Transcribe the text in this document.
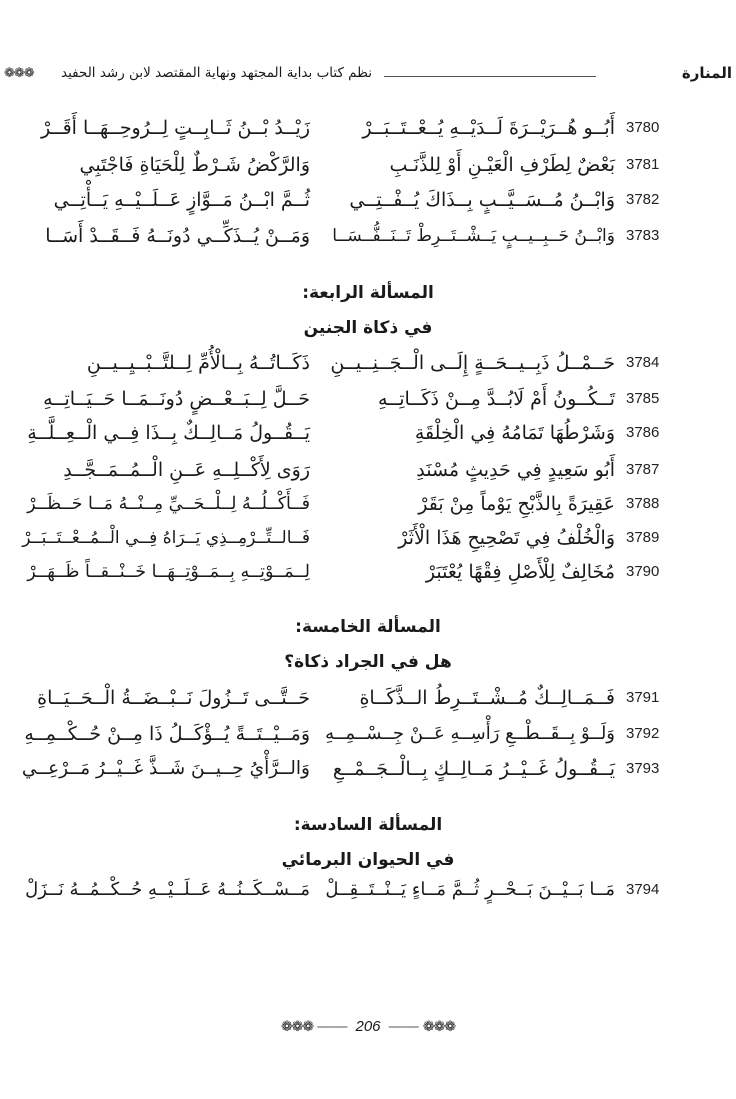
❁❁❁	نظم كتاب بداية المجتهد ونهاية المقتصد لابن رشد الحفيد	المنارة
3780
أَبُــو هُــرَيْــرَةَ لَــدَيْــهِ يُــعْــتَــبَــرْ
زَيْــدُ بْــنُ ثَــابِــتٍ لِــرُوحِــهَــا أَقَــرْ
3781
بَعْضٌ لِطَرْفِ الْعَيْـنِ أَوْ لِلذَّنَـبِ
وَالرَّكْضُ شَـرْطٌ لِلْحَيَاةِ فَاجْتَبِي
3782
وَابْــنُ مُــسَــيَّــبٍ بِــذَاكَ يُــفْــتِــي
ثُــمَّ ابْــنُ مَــوَّازٍ عَــلَــيْــهِ يَــأْتِــي
3783
وَابْــنُ حَــبِــيــبٍ يَــشْــتَــرِطْ تَــنَــفُّــسَــا
وَمَــنْ يُــذَكِّــي دُونَــهُ فَــقَــدْ أَسَــا
المسألة الرابعة:
في ذكاة الجنين
3784
حَــمْــلُ ذَبِــيــحَــةٍ إِلَــى الْــجَــنِــيــنِ
ذَكَــاتُــهُ بِــالْأُمِّ لِــلتَّــبْــيِــيــنِ
3785
تَــكُــونُ أَمْ لَابُــدَّ مِــنْ ذَكَــاتِــهِ
حَــلَّ لِــبَــعْــضٍ دُونَــمَــا حَــيَــاتِــهِ
3786
وَشَرْطُهَا تَمَامُهُ فِي الْخِلْقَةِ
يَــقُــولُ مَــالِــكٌ بِــذَا فِــي الْــعِــلَّــةِ
3787
أَبُو سَعِيدٍ فِي حَدِيثٍ مُسْنَدِ
رَوَى لِأَكْــلِــهِ عَــنِ الْــمُــمَــجَّــدِ
3788
عَقِيرَةً بِالذَّبْحِ يَوْماً مِنْ بَقَرْ
فَــأَكْــلُــهُ لِــلْــحَــيِّ مِــنْــهُ مَــا حَــظَــرْ
3789
وَالْخُلْفُ فِي تَصْحِيحِ هَذَا الْأَثَرْ
فَــالــتِّــرْمِــذِي يَــرَاهُ فِــي الْــمُــعْــتَــبَــرْ
3790
مُخَالِفٌ لِلْأَصْلِ فِقْهًا يُعْتَبَرْ
لِــمَــوْتِــهِ بِــمَــوْتِــهَــا خَــنْــقــاً ظَــهَــرْ
المسألة الخامسة:
هل في الجراد ذكاة؟
3791
فَــمَــالِــكٌ مُــشْــتَــرِطُ الــذَّكَــاةِ
حَــتَّــى تَــزُولَ نَــبْــضَــةُ الْــحَــيَــاةِ
3792
وَلَــوْ بِــقَــطْــعِ رَأْسِــهِ عَــنْ جِــسْــمِــهِ
وَمَــيْــتَــةً يُــؤْكَــلُ ذَا مِــنْ حُــكْــمِــهِ
3793
يَــقُــولُ غَــيْــرُ مَــالِــكٍ بِــالْــجَــمْــعِ
وَالــرَّأْيُ حِــيــنَ شَــذَّ غَــيْــرُ مَــرْعِــي
المسألة السادسة:
في الحيوان البرمائي
3794
مَــا بَــيْــنَ بَــحْــرٍ ثُــمَّ مَــاءٍ يَــنْــتَــقِــلْ
مَــسْــكَــنُــهُ عَــلَــيْــهِ حُــكْــمُــهُ نَــزَلْ
❁❁❁ —— 206 —— ❁❁❁
